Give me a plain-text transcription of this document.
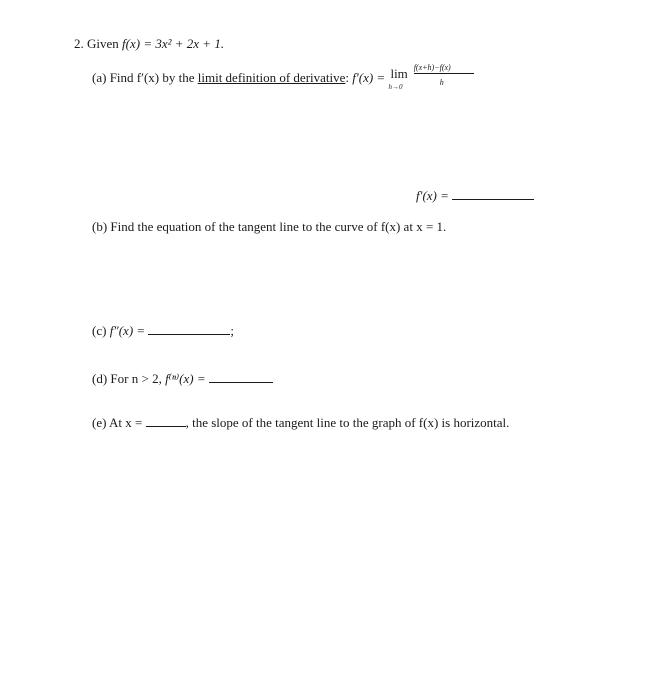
2. Given f(x) = 3x² + 2x + 1.
(a) Find f′(x) by the limit definition of derivative: f′(x) = lim
h→0

$\frac{f(x+h)-f(x)}{h}$
f′(x) =
(b) Find the equation of the tangent line to the curve of f(x) at x = 1.
(c) f″(x) =	;
(d) For n > 2, f⁽ⁿ⁾(x) =
(e) At x =	, the slope of the tangent line to the graph of f(x) is horizontal.
